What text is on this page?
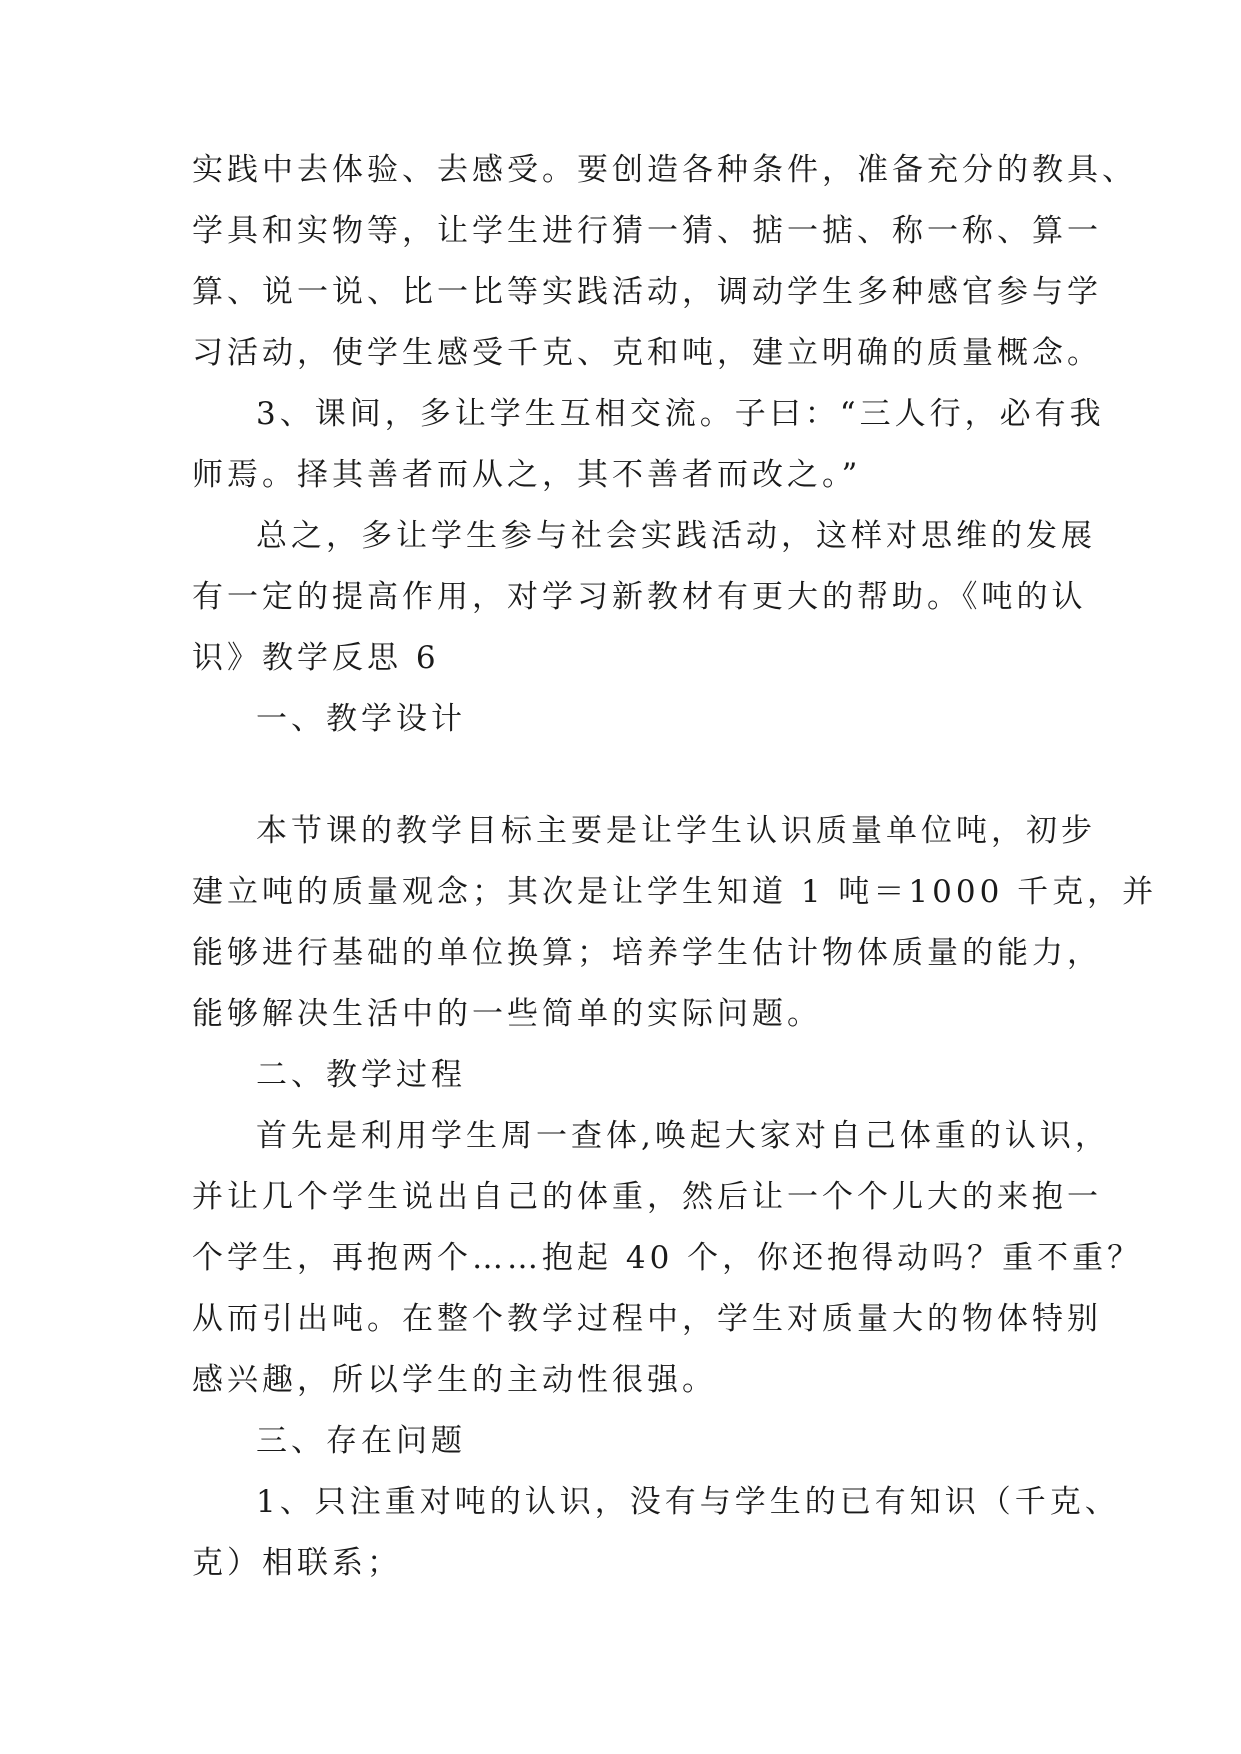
实践中去体验、去感受。要创造各种条件，准备充分的教具、
学具和实物等，让学生进行猜一猜、掂一掂、称一称、算一
算、说一说、比一比等实践活动，调动学生多种感官参与学
习活动，使学生感受千克、克和吨，建立明确的质量概念。
3、课间，多让学生互相交流。子曰：“三人行，必有我
师焉。择其善者而从之，其不善者而改之。”
总之，多让学生参与社会实践活动，这样对思维的发展
有一定的提高作用，对学习新教材有更大的帮助。《吨的认
识》教学反思 6
一、教学设计
本节课的教学目标主要是让学生认识质量单位吨，初步
建立吨的质量观念；其次是让学生知道 1 吨＝1000 千克，并
能够进行基础的单位换算；培养学生估计物体质量的能力，
能够解决生活中的一些简单的实际问题。
二、教学过程
首先是利用学生周一查体,唤起大家对自己体重的认识，
并让几个学生说出自己的体重，然后让一个个儿大的来抱一
个学生，再抱两个……抱起 40 个，你还抱得动吗？重不重？
从而引出吨。在整个教学过程中，学生对质量大的物体特别
感兴趣，所以学生的主动性很强。
三、存在问题
1、只注重对吨的认识，没有与学生的已有知识（千克、
克）相联系；
